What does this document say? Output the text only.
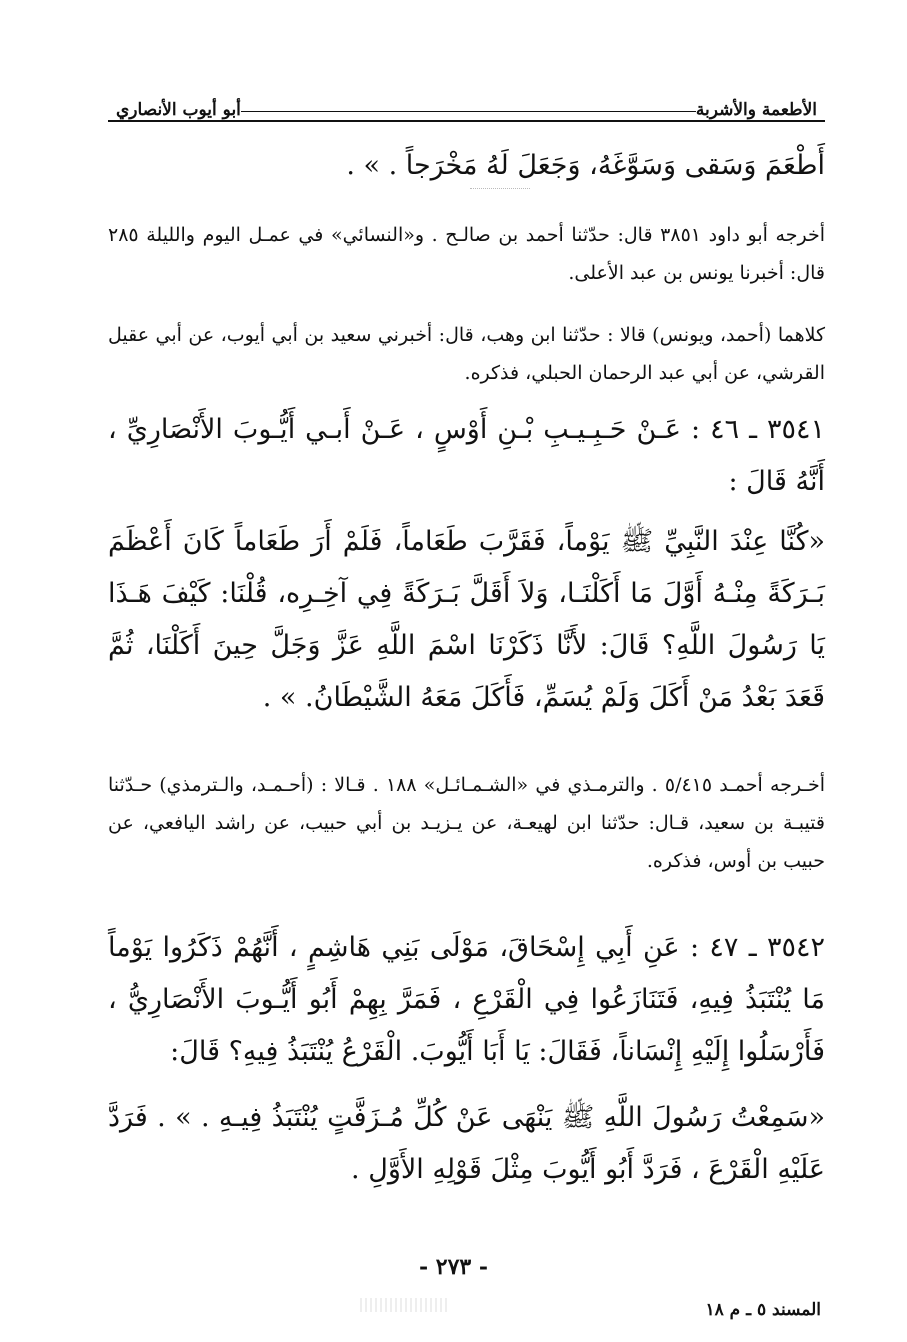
الأطعمة والأشربة
أبو أيوب الأنصاري
أَطْعَمَ وَسَقى وَسَوَّغَهُ، وَجَعَلَ لَهُ مَخْرَجاً . » .
أخرجه أبو داود ٣٨٥١ قال: حدّثنا أحمد بن صالـح . و«النسائي» في عمـل اليوم والليلة ٢٨٥ قال: أخبرنا يونس بن عبد الأعلى.
كلاهما (أحمد، ويونس) قالا : حدّثنا ابن وهب، قال: أخبرني سعيد بن أبي أيوب، عن أبي عقيل القرشي، عن أبي عبد الرحمان الحبلي، فذكره.
٣٥٤١ ـ ٤٦ : عَـنْ حَـبِـيـبِ بْـنِ أَوْسٍ ، عَـنْ أَبـي أَيُّـوبَ الأَنْصَارِيِّ ، أَنَّهُ قَالَ :
«كُنَّا عِنْدَ النَّبِيِّ ﷺ يَوْماً، فَقَرَّبَ طَعَاماً، فَلَمْ أَرَ طَعَاماً كَانَ أَعْظَمَ بَـرَكَةً مِنْـهُ أَوَّلَ مَا أَكَلْنَـا، وَلاَ أَقَلَّ بَـرَكَةً فِي آخِـرِه، قُلْنَا: كَيْفَ هَـذَا يَا رَسُولَ اللَّهِ؟ قَالَ: لأَنَّا ذَكَرْنَا اسْمَ اللَّهِ عَزَّ وَجَلَّ حِينَ أَكَلْنَا، ثُمَّ قَعَدَ بَعْدُ مَنْ أَكَلَ وَلَمْ يُسَمِّ، فَأَكَلَ مَعَهُ الشَّيْطَانُ. » .
أخـرجه أحمـد ٥/٤١٥ . والترمـذي في «الشـمـائـل» ١٨٨ . قـالا : (أحـمـد، والـترمذي) حـدّثنا قتيبـة بن سعيد، قـال: حدّثنا ابن لهيعـة، عن يـزيـد بن أبي حبيب، عن راشد اليافعي، عن حبيب بن أوس، فذكره.
٣٥٤٢ ـ ٤٧ : عَنِ أَبِي إِسْحَاقَ، مَوْلَى بَنِي هَاشِمٍ ، أَنَّهُمْ ذَكَرُوا يَوْماً مَا يُنْتَبَذُ فِيهِ، فَتَنَازَعُوا فِي الْقَرْعِ ، فَمَرَّ بِهِمْ أَبُو أَيُّـوبَ الأَنْصَارِيُّ ، فَأَرْسَلُوا إِلَيْهِ إِنْسَاناً، فَقَالَ: يَا أَبَا أَيُّوبَ. الْقَرْعُ يُنْتَبَذُ فِيهِ؟ قَالَ:
«سَمِعْتُ رَسُولَ اللَّهِ ﷺ يَنْهَى عَنْ كُلِّ مُـزَفَّتٍ يُنْتَبَذُ فِيـهِ . » . فَرَدَّ عَلَيْهِ الْقَرْعَ ، فَرَدَّ أَبُو أَيُّوبَ مِثْلَ قَوْلِهِ الأَوَّلِ .
- ٢٧٣ -
المسند ٥ ـ م ١٨
